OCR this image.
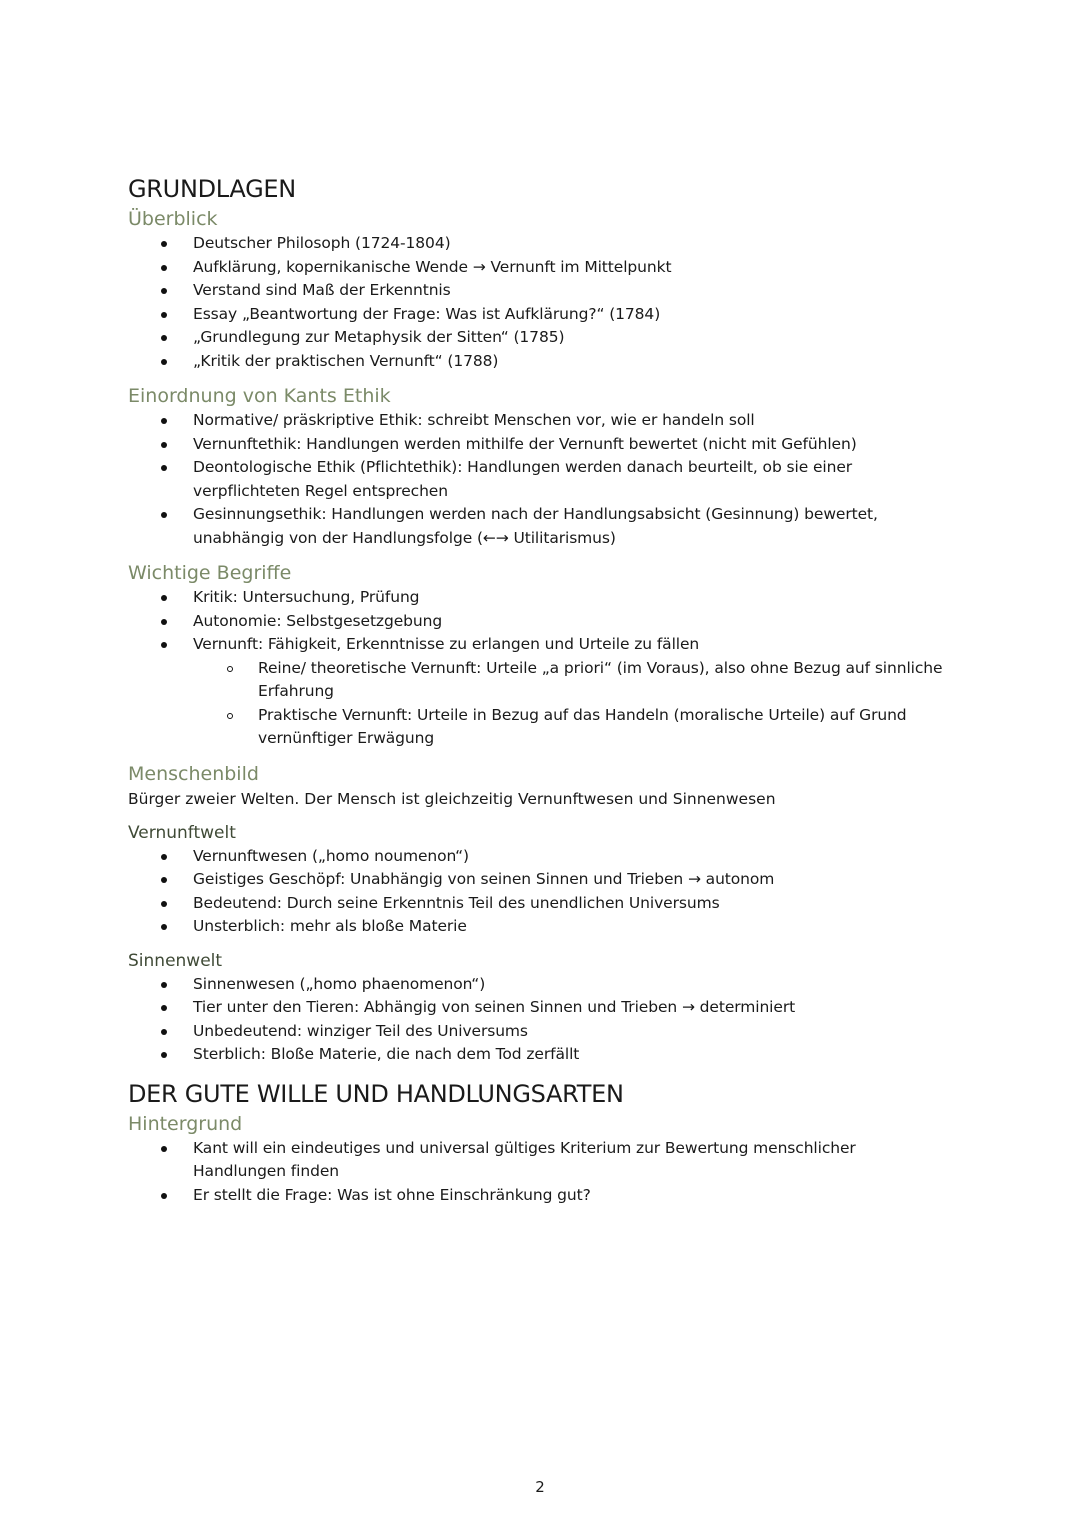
GRUNDLAGEN
Überblick
Deutscher Philosoph (1724-1804)
Aufklärung, kopernikanische Wende → Vernunft im Mittelpunkt
Verstand sind Maß der Erkenntnis
Essay „Beantwortung der Frage: Was ist Aufklärung?“ (1784)
„Grundlegung zur Metaphysik der Sitten“ (1785)
„Kritik der praktischen Vernunft“ (1788)
Einordnung von Kants Ethik
Normative/ präskriptive Ethik: schreibt Menschen vor, wie er handeln soll
Vernunftethik: Handlungen werden mithilfe der Vernunft bewertet (nicht mit Gefühlen)
Deontologische Ethik (Pflichtethik): Handlungen werden danach beurteilt, ob sie einer verpflichteten Regel entsprechen
Gesinnungsethik: Handlungen werden nach der Handlungsabsicht (Gesinnung) bewertet, unabhängig von der Handlungsfolge (←→ Utilitarismus)
Wichtige Begriffe
Kritik: Untersuchung, Prüfung
Autonomie: Selbstgesetzgebung
Vernunft: Fähigkeit, Erkenntnisse zu erlangen und Urteile zu fällen
Reine/ theoretische Vernunft: Urteile „a priori“ (im Voraus), also ohne Bezug auf sinnliche Erfahrung
Praktische Vernunft: Urteile in Bezug auf das Handeln (moralische Urteile) auf Grund vernünftiger Erwägung
Menschenbild

Bürger zweier Welten. Der Mensch ist gleichzeitig Vernunftwesen und Sinnenwesen

Vernunftwelt
Vernunftwesen („homo noumenon“)
Geistiges Geschöpf: Unabhängig von seinen Sinnen und Trieben → autonom
Bedeutend: Durch seine Erkenntnis Teil des unendlichen Universums
Unsterblich: mehr als bloße Materie
Sinnenwelt
Sinnenwesen („homo phaenomenon“)
Tier unter den Tieren: Abhängig von seinen Sinnen und Trieben → determiniert
Unbedeutend: winziger Teil des Universums
Sterblich: Bloße Materie, die nach dem Tod zerfällt
DER GUTE WILLE UND HANDLUNGSARTEN
Hintergrund
Kant will ein eindeutiges und universal gültiges Kriterium zur Bewertung menschlicher Handlungen finden
Er stellt die Frage: Was ist ohne Einschränkung gut?
2
